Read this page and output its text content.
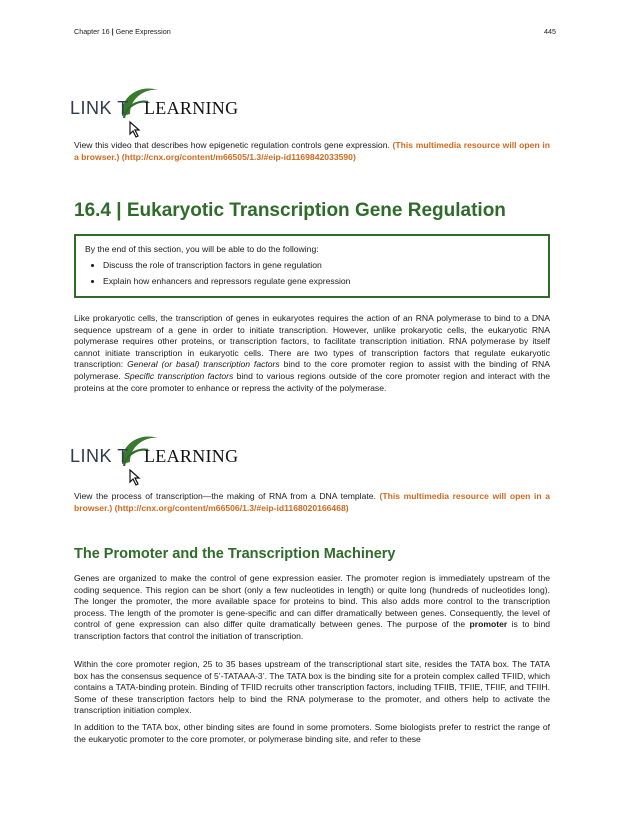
Chapter 16 | Gene Expression	445
LINK T LEARNING

View this video that describes how epigenetic regulation controls gene expression. (This multimedia resource will open in a browser.) (http://cnx.org/content/m66505/1.3/#eip-id1169842033590)

16.4 | Eukaryotic Transcription Gene Regulation
By the end of this section, you will be able to do the following:
• Discuss the role of transcription factors in gene regulation
• Explain how enhancers and repressors regulate gene expression

Like prokaryotic cells, the transcription of genes in eukaryotes requires the action of an RNA polymerase to bind to a DNA sequence upstream of a gene in order to initiate transcription. However, unlike prokaryotic cells, the eukaryotic RNA polymerase requires other proteins, or transcription factors, to facilitate transcription initiation. RNA polymerase by itself cannot initiate transcription in eukaryotic cells. There are two types of transcription factors that regulate eukaryotic transcription: General (or basal) transcription factors bind to the core promoter region to assist with the binding of RNA polymerase. Specific transcription factors bind to various regions outside of the core promoter region and interact with the proteins at the core promoter to enhance or repress the activity of the polymerase.

LINK T LEARNING

View the process of transcription—the making of RNA from a DNA template. (This multimedia resource will open in a browser.) (http://cnx.org/content/m66506/1.3/#eip-id1168020166468)

The Promoter and the Transcription Machinery

Genes are organized to make the control of gene expression easier. The promoter region is immediately upstream of the coding sequence. This region can be short (only a few nucleotides in length) or quite long (hundreds of nucleotides long). The longer the promoter, the more available space for proteins to bind. This also adds more control to the transcription process. The length of the promoter is gene-specific and can differ dramatically between genes. Consequently, the level of control of gene expression can also differ quite dramatically between genes. The purpose of the promoter is to bind transcription factors that control the initiation of transcription.

Within the core promoter region, 25 to 35 bases upstream of the transcriptional start site, resides the TATA box. The TATA box has the consensus sequence of 5’-TATAAA-3’. The TATA box is the binding site for a protein complex called TFIID, which contains a TATA-binding protein. Binding of TFIID recruits other transcription factors, including TFIIB, TFIIE, TFIIF, and TFIIH. Some of these transcription factors help to bind the RNA polymerase to the promoter, and others help to activate the transcription initiation complex.

In addition to the TATA box, other binding sites are found in some promoters. Some biologists prefer to restrict the range of the eukaryotic promoter to the core promoter, or polymerase binding site, and refer to these
